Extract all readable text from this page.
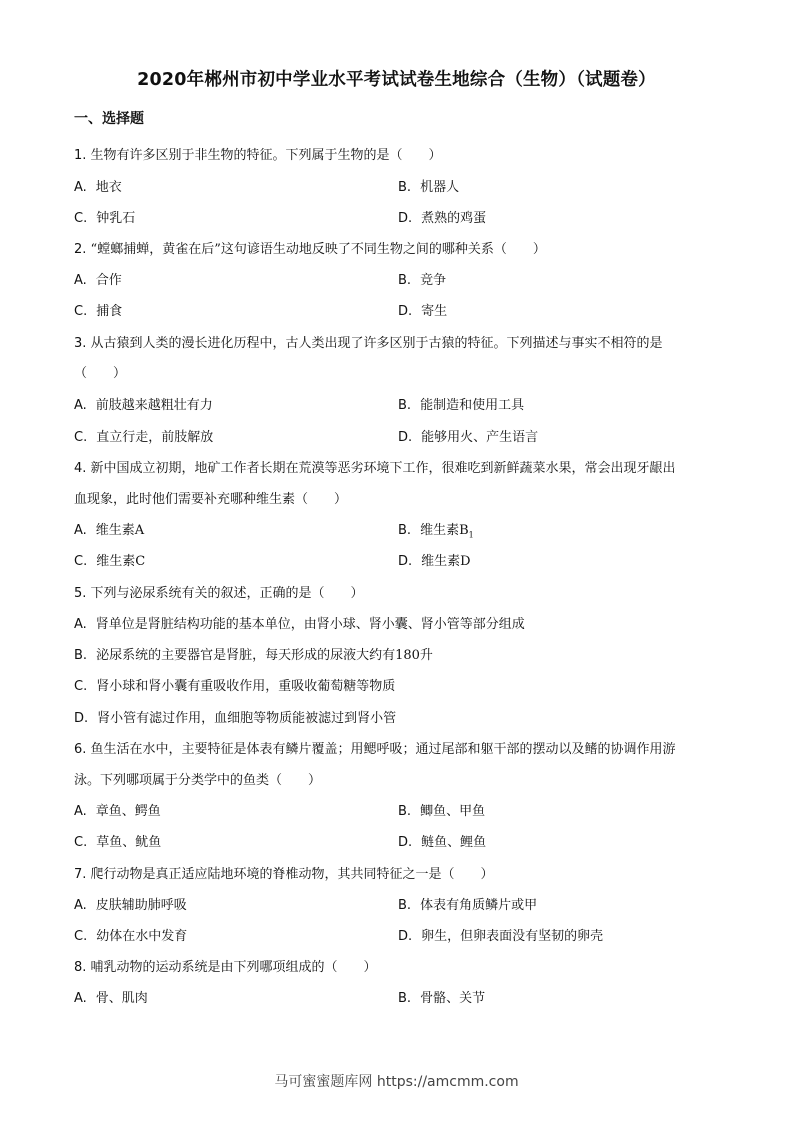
2020年郴州市初中学业水平考试试卷生地综合（生物）（试题卷）
一、选择题
1. 生物有许多区别于非生物的特征。下列属于生物的是（　　）
A. 地衣	B. 机器人
C. 钟乳石	D. 煮熟的鸡蛋
2. “螳螂捕蝉，黄雀在后”这句谚语生动地反映了不同生物之间的哪种关系（　　）
A. 合作	B. 竞争
C. 捕食	D. 寄生
3. 从古猿到人类的漫长进化历程中，古人类出现了许多区别于古猿的特征。下列描述与事实不相符的是
（　　）
A. 前肢越来越粗壮有力	B. 能制造和使用工具
C. 直立行走，前肢解放	D. 能够用火、产生语言
4. 新中国成立初期，地矿工作者长期在荒漠等恶劣环境下工作，很难吃到新鲜蔬菜水果，常会出现牙龈出
血现象，此时他们需要补充哪种维生素（　　）
A. 维生素A	B. 维生素$B_1$
C. 维生素C	D. 维生素D
5. 下列与泌尿系统有关的叙述，正确的是（　　）
A. 肾单位是肾脏结构功能的基本单位，由肾小球、肾小囊、肾小管等部分组成
B. 泌尿系统的主要器官是肾脏，每天形成的尿液大约有180升
C. 肾小球和肾小囊有重吸收作用，重吸收葡萄糖等物质
D. 肾小管有滤过作用，血细胞等物质能被滤过到肾小管
6. 鱼生活在水中，主要特征是体表有鳞片覆盖；用鳃呼吸；通过尾部和躯干部的摆动以及鳍的协调作用游
泳。下列哪项属于分类学中的鱼类（　　）
A. 章鱼、鳄鱼	B. 鲫鱼、甲鱼
C. 草鱼、鱿鱼	D. 鲢鱼、鲤鱼
7. 爬行动物是真正适应陆地环境的脊椎动物，其共同特征之一是（　　）
A. 皮肤辅助肺呼吸	B. 体表有角质鳞片或甲
C. 幼体在水中发育	D. 卵生，但卵表面没有坚韧的卵壳
8. 哺乳动物的运动系统是由下列哪项组成的（　　）
A. 骨、肌肉	B. 骨骼、关节
马可蜜蜜题库网 https://amcmm.com
